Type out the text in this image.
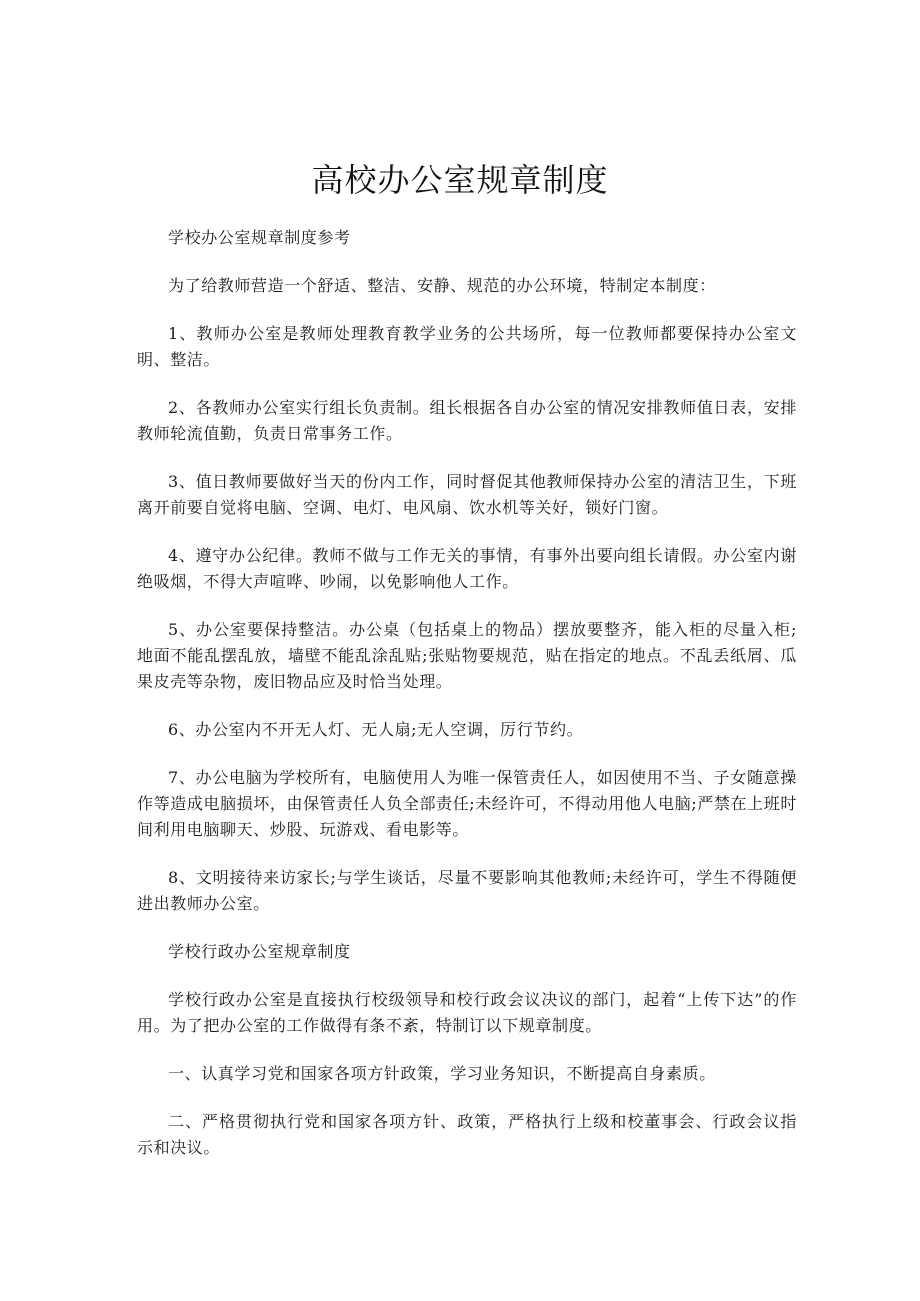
高校办公室规章制度

学校办公室规章制度参考

为了给教师营造一个舒适、整洁、安静、规范的办公环境，特制定本制度：

1、教师办公室是教师处理教育教学业务的公共场所，每一位教师都要保持办公室文明、整洁。

2、各教师办公室实行组长负责制。组长根据各自办公室的情况安排教师值日表，安排教师轮流值勤，负责日常事务工作。

3、值日教师要做好当天的份内工作，同时督促其他教师保持办公室的清洁卫生，下班离开前要自觉将电脑、空调、电灯、电风扇、饮水机等关好，锁好门窗。

4、遵守办公纪律。教师不做与工作无关的事情，有事外出要向组长请假。办公室内谢绝吸烟，不得大声喧哗、吵闹，以免影响他人工作。

5、办公室要保持整洁。办公桌（包括桌上的物品）摆放要整齐，能入柜的尽量入柜;地面不能乱摆乱放，墙壁不能乱涂乱贴;张贴物要规范，贴在指定的地点。不乱丢纸屑、瓜果皮壳等杂物，废旧物品应及时恰当处理。

6、办公室内不开无人灯、无人扇;无人空调，厉行节约。

7、办公电脑为学校所有，电脑使用人为唯一保管责任人，如因使用不当、子女随意操作等造成电脑损坏，由保管责任人负全部责任;未经许可，不得动用他人电脑;严禁在上班时间利用电脑聊天、炒股、玩游戏、看电影等。

8、文明接待来访家长;与学生谈话，尽量不要影响其他教师;未经许可，学生不得随便进出教师办公室。

学校行政办公室规章制度

学校行政办公室是直接执行校级领导和校行政会议决议的部门，起着“上传下达”的作用。为了把办公室的工作做得有条不紊，特制订以下规章制度。

一、认真学习党和国家各项方针政策，学习业务知识，不断提高自身素质。

二、严格贯彻执行党和国家各项方针、政策，严格执行上级和校董事会、行政会议指示和决议。
